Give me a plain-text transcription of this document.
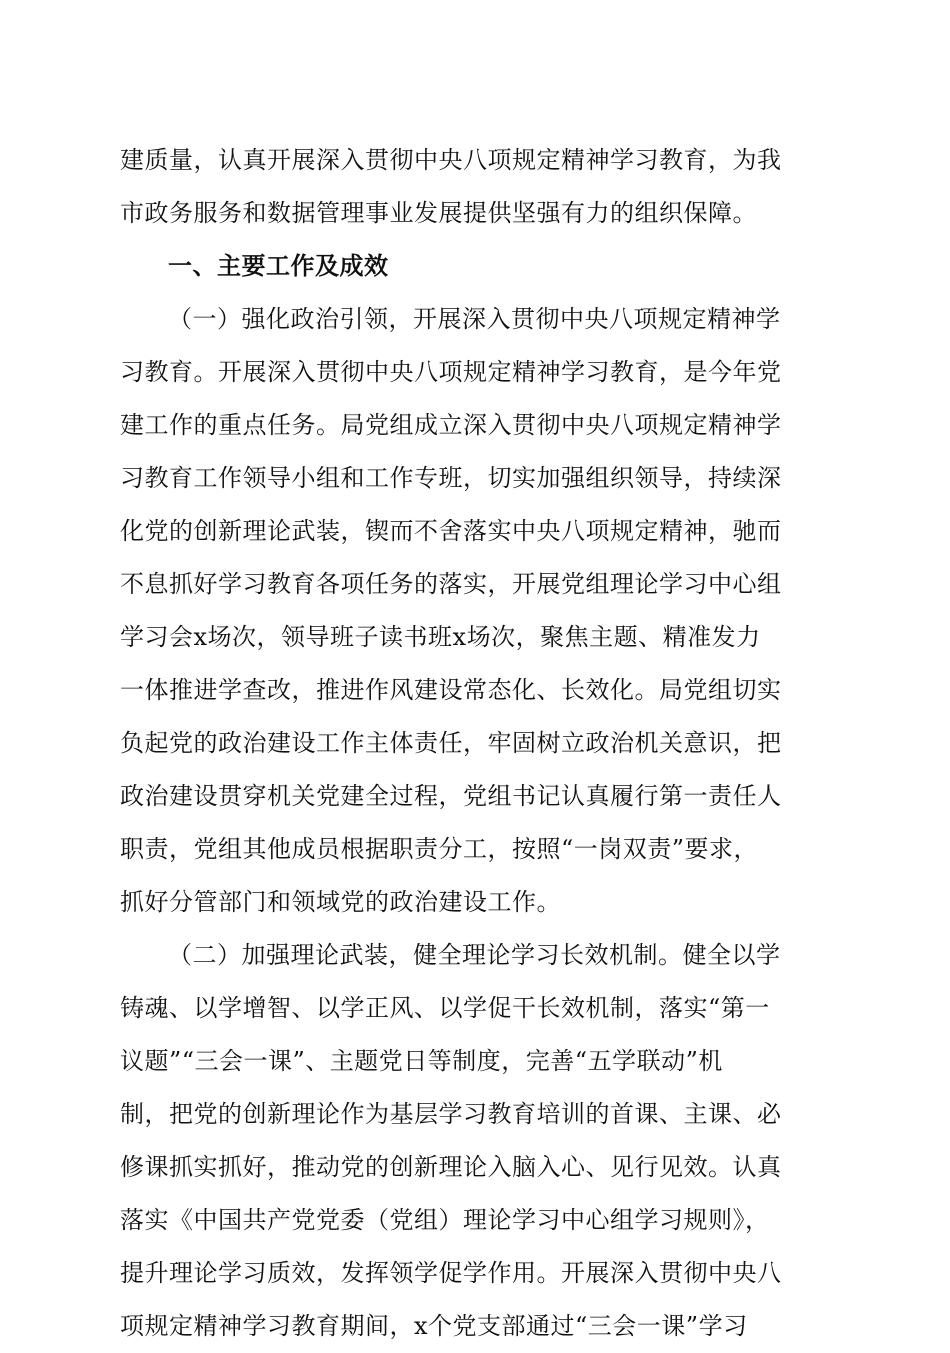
建质量，认真开展深入贯彻中央八项规定精神学习教育，为我
市政务服务和数据管理事业发展提供坚强有力的组织保障。
一、主要工作及成效
（一）强化政治引领，开展深入贯彻中央八项规定精神学
习教育。开展深入贯彻中央八项规定精神学习教育，是今年党
建工作的重点任务。局党组成立深入贯彻中央八项规定精神学
习教育工作领导小组和工作专班，切实加强组织领导，持续深
化党的创新理论武装，锲而不舍落实中央八项规定精神，驰而
不息抓好学习教育各项任务的落实，开展党组理论学习中心组
学习会x场次，领导班子读书班x场次，聚焦主题、精准发力
一体推进学查改，推进作风建设常态化、长效化。局党组切实
负起党的政治建设工作主体责任，牢固树立政治机关意识，把
政治建设贯穿机关党建全过程，党组书记认真履行第一责任人
职责，党组其他成员根据职责分工，按照“一岗双责”要求，
抓好分管部门和领域党的政治建设工作。
（二）加强理论武装，健全理论学习长效机制。健全以学
铸魂、以学增智、以学正风、以学促干长效机制，落实“第一
议题”“三会一课”、主题党日等制度，完善“五学联动”机
制，把党的创新理论作为基层学习教育培训的首课、主课、必
修课抓实抓好，推动党的创新理论入脑入心、见行见效。认真
落实《中国共产党党委（党组）理论学习中心组学习规则》，
提升理论学习质效，发挥领学促学作用。开展深入贯彻中央八
项规定精神学习教育期间，x个党支部通过“三会一课”学习
